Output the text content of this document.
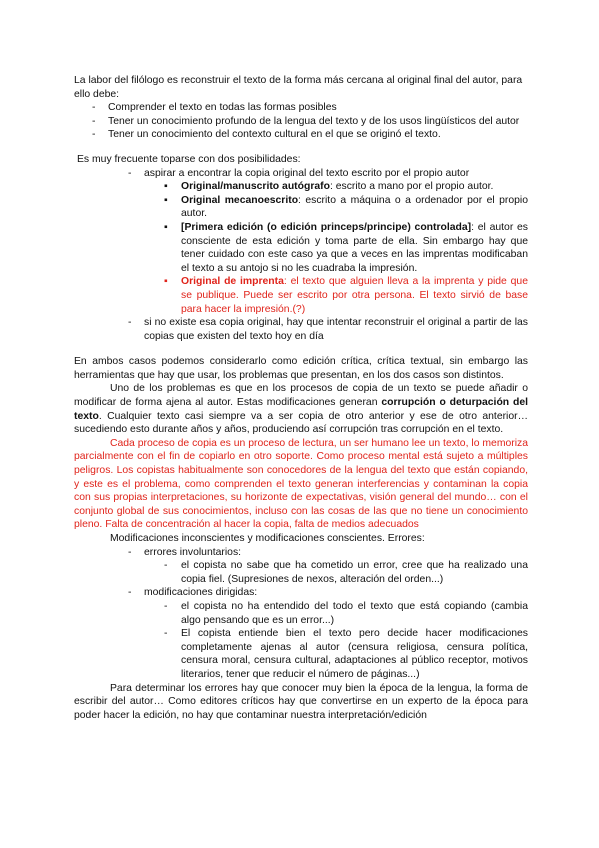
La labor del filólogo es reconstruir el texto de la forma más cercana al original final del autor, para ello debe:

- Comprender el texto en todas las formas posibles
- Tener un conocimiento profundo de la lengua del texto y de los usos lingüísticos del autor
- Tener un conocimiento del contexto cultural en el que se originó el texto.

Es muy frecuente toparse con dos posibilidades:

- aspirar a encontrar la copia original del texto escrito por el propio autor
▪ Original/manuscrito autógrafo: escrito a mano por el propio autor.
▪ Original mecanoescrito: escrito a máquina o a ordenador por el propio autor.
▪ [Primera edición (o edición princeps/principe) controlada]: el autor es consciente de esta edición y toma parte de ella. Sin embargo hay que tener cuidado con este caso ya que a veces en las imprentas modificaban el texto a su antojo si no les cuadraba la impresión.
▪ Original de imprenta: el texto que alguien lleva a la imprenta y pide que se publique. Puede ser escrito por otra persona. El texto sirvió de base para hacer la impresión.(?)
- si no existe esa copia original, hay que intentar reconstruir el original a partir de las copias que existen del texto hoy en día

En ambos casos podemos considerarlo como edición crítica, crítica textual, sin embargo las herramientas que hay que usar, los problemas que presentan, en los dos casos son distintos.

Uno de los problemas es que en los procesos de copia de un texto se puede añadir o modificar de forma ajena al autor. Estas modificaciones generan corrupción o deturpación del texto. Cualquier texto casi siempre va a ser copia de otro anterior y ese de otro anterior… sucediendo esto durante años y años, produciendo así corrupción tras corrupción en el texto.

Cada proceso de copia es un proceso de lectura, un ser humano lee un texto, lo memoriza parcialmente con el fin de copiarlo en otro soporte. Como proceso mental está sujeto a múltiples peligros. Los copistas habitualmente son conocedores de la lengua del texto que están copiando, y este es el problema, como comprenden el texto generan interferencias y contaminan la copia con sus propias interpretaciones, su horizonte de expectativas, visión general del mundo… con el conjunto global de sus conocimientos, incluso con las cosas de las que no tiene un conocimiento pleno. Falta de concentración al hacer la copia, falta de medios adecuados

Modificaciones inconscientes y modificaciones conscientes. Errores:

- errores involuntarios:
- el copista no sabe que ha cometido un error, cree que ha realizado una copia fiel. (Supresiones de nexos, alteración del orden...)
- modificaciones dirigidas:
- el copista no ha entendido del todo el texto que está copiando (cambia algo pensando que es un error...)
- El copista entiende bien el texto pero decide hacer modificaciones completamente ajenas al autor (censura religiosa, censura política, censura moral, censura cultural, adaptaciones al público receptor, motivos literarios, tener que reducir el número de páginas...)

Para determinar los errores hay que conocer muy bien la época de la lengua, la forma de escribir del autor… Como editores críticos hay que convertirse en un experto de la época para poder hacer la edición, no hay que contaminar nuestra interpretación/edición
